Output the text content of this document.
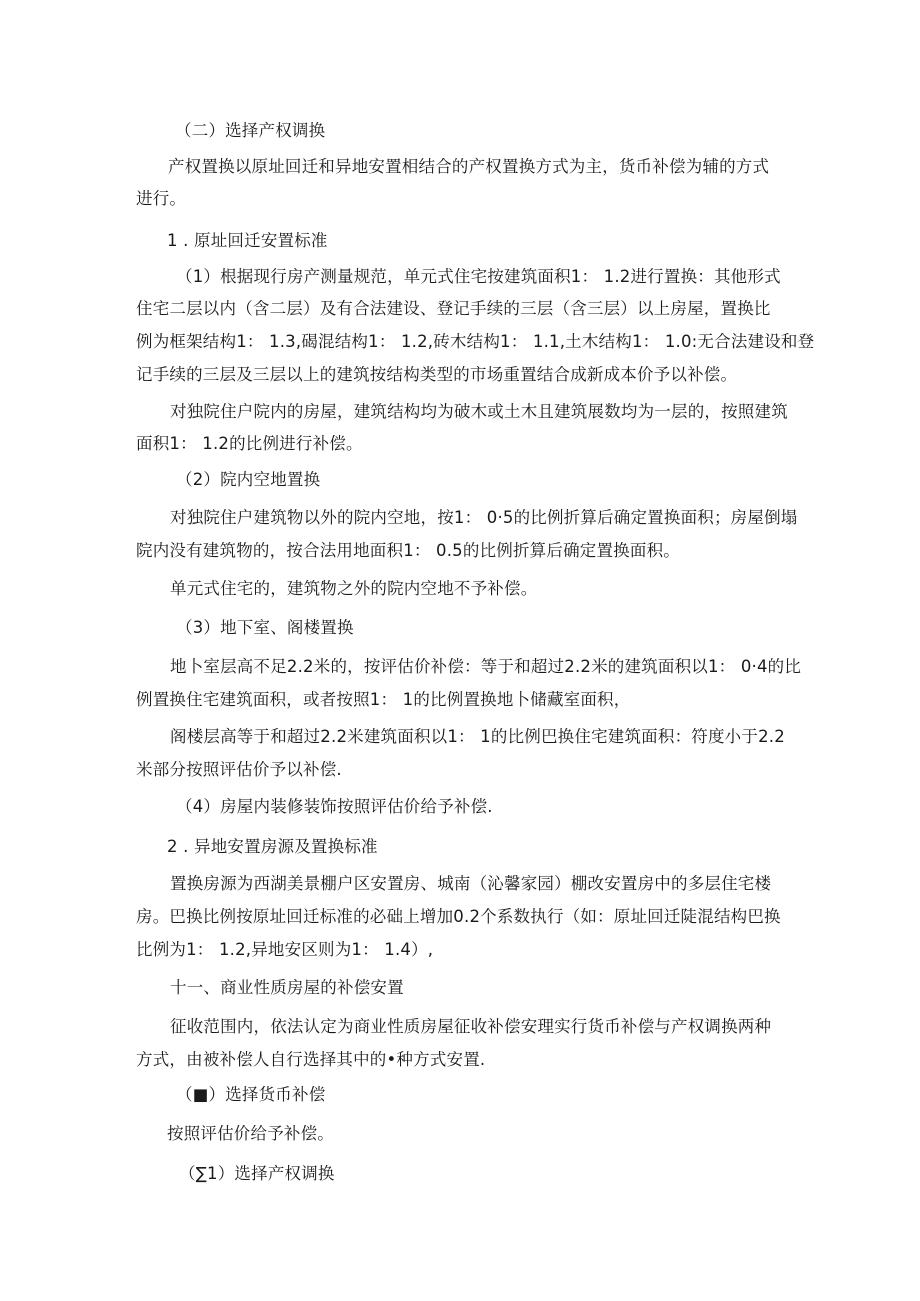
（二）选择产权调换
产权置换以原址回迁和异地安置相结合的产权置换方式为主，货币补偿为辅的方式
进行。
1 . 原址回迁安置标准
（1）根据现行房产测量规范，单元式住宅按建筑面积1： 1.2进行置换：其他形式
住宅二层以内（含二层）及有合法建设、登记手续的三层（含三层）以上房屋，置换比
例为框架结构1： 1.3,碣混结构1： 1.2,砖木结构1： 1.1,土木结构1： 1.0:无合法建设和登
记手续的三层及三层以上的建筑按结构类型的市场重置结合成新成本价予以补偿。
对独院住户院内的房屋，建筑结构均为破木或土木且建筑展数均为一层的，按照建筑
面积1： 1.2的比例进行补偿。
（2）院内空地置换
对独院住户建筑物以外的院内空地，按1： 0·5的比例折算后确定置换面积；房屋倒塌
院内没有建筑物的，按合法用地面积1： 0.5的比例折算后确定置换面积。
单元式住宅的，建筑物之外的院内空地不予补偿。
（3）地下室、阁楼置换
地卜室层高不足2.2米的，按评估价补偿：等于和超过2.2米的建筑面积以1： 0·4的比
例置换住宅建筑面积，或者按照1： 1的比例置换地卜储藏室面积，
阁楼层高等于和超过2.2米建筑面积以1： 1的比例巴换住宅建筑面积：符度小于2.2
米部分按照评估价予以补偿.
（4）房屋内装修装饰按照评估价给予补偿.
2 . 异地安置房源及置换标准
置换房源为西湖美景棚户区安置房、城南（沁馨家园）棚改安置房中的多层住宅楼
房。巴换比例按原址回迁标准的必础上增加0.2个系数执行（如：原址回迁陡混结构巴换
比例为1： 1.2,异地安区则为1： 1.4）,
十一、商业性质房屋的补偿安置
征收范围内，依法认定为商业性质房屋征收补偿安理实行货币补偿与产权调换两种
方式，由被补偿人自行选择其中的•种方式安置.
（■）选择货币补偿
按照评估价给予补偿。
（∑1）选择产权调换
